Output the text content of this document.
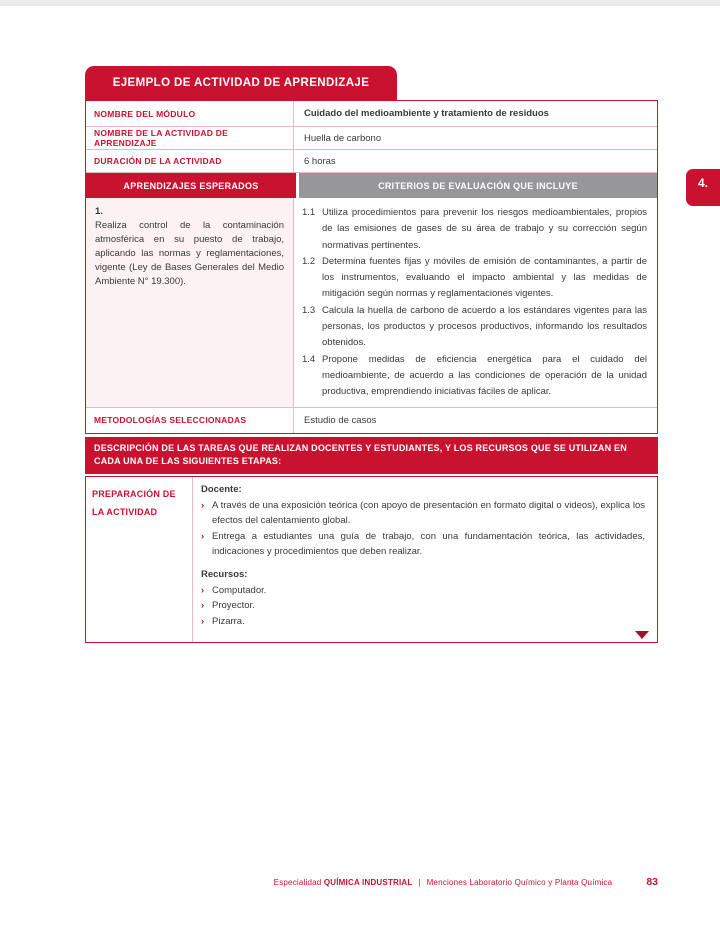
EJEMPLO DE ACTIVIDAD DE APRENDIZAJE
NOMBRE DEL MÓDULO	Cuidado del medioambiente y tratamiento de residuos
NOMBRE DE LA ACTIVIDAD DE APRENDIZAJE	Huella de carbono
DURACIÓN DE LA ACTIVIDAD	6 horas
APRENDIZAJES ESPERADOS	CRITERIOS DE EVALUACIÓN QUE INCLUYE
1.
Realiza control de la contaminación atmosférica en su puesto de trabajo, aplicando las normas y reglamentaciones, vigente (Ley de Bases Generales del Medio Ambiente N° 19.300).
1.1 Utiliza procedimientos para prevenir los riesgos medioambientales, propios de las emisiones de gases de su área de trabajo y su corrección según normativas pertinentes.
1.2 Determina fuentes fijas y móviles de emisión de contaminantes, a partir de los instrumentos, evaluando el impacto ambiental y las medidas de mitigación según normas y reglamentaciones vigentes.
1.3 Calcula la huella de carbono de acuerdo a los estándares vigentes para las personas, los productos y procesos productivos, informando los resultados obtenidos.
1.4 Propone medidas de eficiencia energética para el cuidado del medioambiente, de acuerdo a las condiciones de operación de la unidad productiva, emprendiendo iniciativas fáciles de aplicar.
METODOLOGÍAS SELECCIONADAS	Estudio de casos
DESCRIPCIÓN DE LAS TAREAS QUE REALIZAN DOCENTES Y ESTUDIANTES, Y LOS RECURSOS QUE SE UTILIZAN EN CADA UNA DE LAS SIGUIENTES ETAPAS:
PREPARACIÓN DE LA ACTIVIDAD
Docente:
› A través de una exposición teórica (con apoyo de presentación en formato digital o videos), explica los efectos del calentamiento global.
› Entrega a estudiantes una guía de trabajo, con una fundamentación teórica, las actividades, indicaciones y procedimientos que deben realizar.
Recursos:
› Computador.
› Proyector.
› Pizarra.
4.
Especialidad QUÍMICA INDUSTRIAL | Menciones Laboratorio Químico y Planta Química	83
